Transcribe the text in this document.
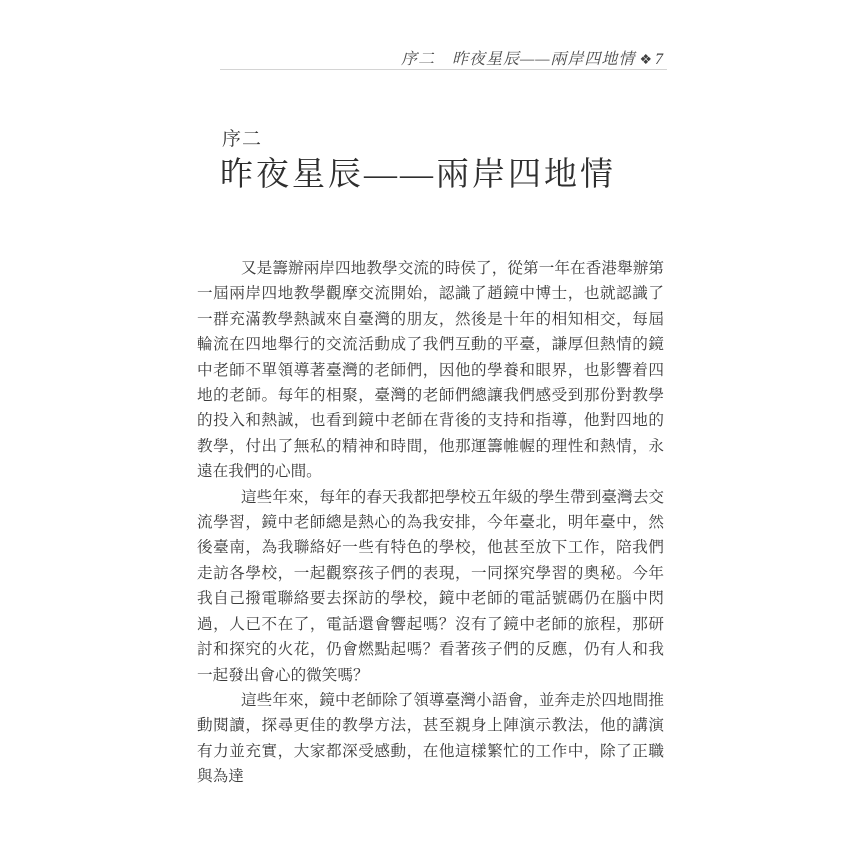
序二　昨夜星辰——兩岸四地情 ❖ 7
序二
昨夜星辰——兩岸四地情

又是籌辦兩岸四地教學交流的時侯了，從第一年在香港舉辦第一屆兩岸四地教學觀摩交流開始，認識了趙鏡中博士，也就認識了一群充滿教學熱誠來自臺灣的朋友，然後是十年的相知相交，每屆輪流在四地舉行的交流活動成了我們互動的平臺，謙厚但熱情的鏡中老師不單領導著臺灣的老師們，因他的學養和眼界，也影響着四地的老師。每年的相聚，臺灣的老師們總讓我們感受到那份對教學的投入和熱誠，也看到鏡中老師在背後的支持和指導，他對四地的教學，付出了無私的精神和時間，他那運籌帷幄的理性和熱情，永遠在我們的心間。

這些年來，每年的春天我都把學校五年級的學生帶到臺灣去交流學習，鏡中老師總是熱心的為我安排，今年臺北，明年臺中，然後臺南，為我聯絡好一些有特色的學校，他甚至放下工作，陪我們走訪各學校，一起觀察孩子們的表現，一同探究學習的奧秘。今年我自己撥電聯絡要去探訪的學校，鏡中老師的電話號碼仍在腦中閃過，人已不在了，電話還會響起嗎？沒有了鏡中老師的旅程，那研討和探究的火花，仍會燃點起嗎？看著孩子們的反應，仍有人和我一起發出會心的微笑嗎？

這些年來，鏡中老師除了領導臺灣小語會，並奔走於四地間推動閱讀，探尋更佳的教學方法，甚至親身上陣演示教法，他的講演有力並充實，大家都深受感動，在他這樣繁忙的工作中，除了正職與為達
